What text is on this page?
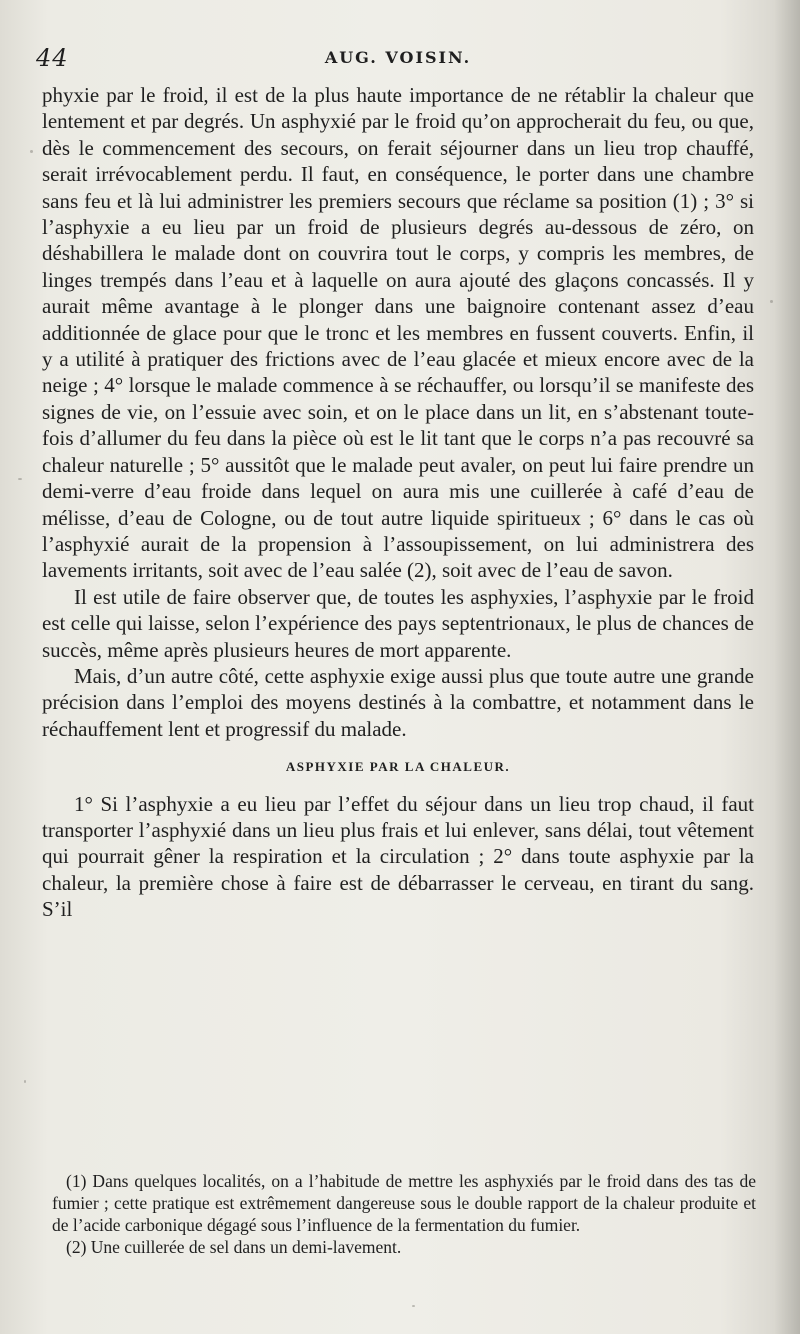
44	AUG. VOISIN.

phyxie par le froid, il est de la plus haute importance de ne rétablir la chaleur que lentement et par degrés. Un asphyxié par le froid qu’on approcherait du feu, ou que, dès le commencement des secours, on ferait séjourner dans un lieu trop chauffé, serait irrévocablement perdu. Il faut, en conséquence, le porter dans une chambre sans feu et là lui administrer les premiers secours que réclame sa position (1) ; 3° si l’asphyxie a eu lieu par un froid de plusieurs degrés au-dessous de zéro, on déshabillera le malade dont on couvrira tout le corps, y compris les membres, de linges trempés dans l’eau et à laquelle on aura ajouté des glaçons concassés. Il y aurait même avantage à le plonger dans une baignoire contenant assez d’eau additionnée de glace pour que le tronc et les membres en fussent couverts. Enfin, il y a utilité à pratiquer des frictions avec de l’eau glacée et mieux encore avec de la neige ; 4° lorsque le malade commence à se réchauffer, ou lorsqu’il se manifeste des signes de vie, on l’essuie avec soin, et on le place dans un lit, en s’abstenant toutefois d’allumer du feu dans la pièce où est le lit tant que le corps n’a pas recouvré sa chaleur naturelle ; 5° aussitôt que le malade peut avaler, on peut lui faire prendre un demi-verre d’eau froide dans lequel on aura mis une cuillerée à café d’eau de mélisse, d’eau de Cologne, ou de tout autre liquide spiritueux ; 6° dans le cas où l’asphyxié aurait de la propension à l’assoupissement, on lui administrera des lavements irritants, soit avec de l’eau salée (2), soit avec de l’eau de savon.

Il est utile de faire observer que, de toutes les asphyxies, l’asphyxie par le froid est celle qui laisse, selon l’expérience des pays septentrionaux, le plus de chances de succès, même après plusieurs heures de mort apparente.

Mais, d’un autre côté, cette asphyxie exige aussi plus que toute autre une grande précision dans l’emploi des moyens destinés à la combattre, et notamment dans le réchauffement lent et progressif du malade.

ASPHYXIE PAR LA CHALEUR.

1° Si l’asphyxie a eu lieu par l’effet du séjour dans un lieu trop chaud, il faut transporter l’asphyxié dans un lieu plus frais et lui enlever, sans délai, tout vêtement qui pourrait gêner la respiration et la circulation ; 2° dans toute asphyxie par la chaleur, la première chose à faire est de débarrasser le cerveau, en tirant du sang. S’il

(1) Dans quelques localités, on a l’habitude de mettre les asphyxiés par le froid dans des tas de fumier ; cette pratique est extrêmement dangereuse sous le double rapport de la chaleur produite et de l’acide carbonique dégagé sous l’influence de la fermentation du fumier.

(2) Une cuillerée de sel dans un demi-lavement.
